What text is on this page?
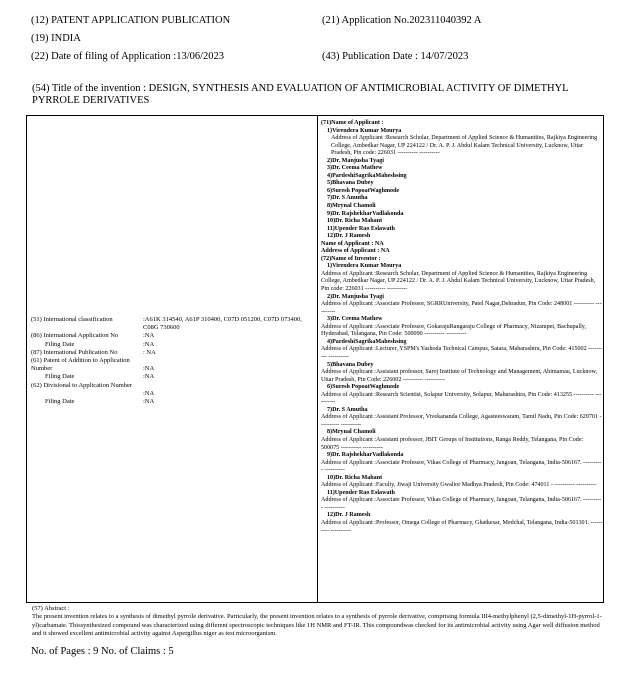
(12) PATENT APPLICATION PUBLICATION
(19) INDIA
(22) Date of filing of Application :13/06/2023
(21) Application No.202311040392 A
(43) Publication Date : 14/07/2023
(54) Title of the invention : DESIGN, SYNTHESIS AND EVALUATION OF ANTIMICROBIAL ACTIVITY OF DIMETHYL PYRROLE DERIVATIVES
(51) International classification	:A61K 314540, A61P 310400, C07D 051200, C07D 073400, C08G 730600
(86) International Application No	:NA
Filing Date	:NA
(87) International Publication No	: NA
(61) Patent of Addition to Application Number	:NA
Filing Date	:NA
(62) Divisional to Application Number
:NA
Filing Date	:NA
(71)Name of Applicant :
1)Virendera Kumar Mourya
Address of Applicant :Research Scholar, Department of Applied Science & Humanities, Rajkiya Engineering College, Ambedkar Nagar, UP 224122 / Dr. A. P. J. Abdul Kalam Technical University, Lucknow, Uttar Pradesh, Pin code: 226031 ---------- ----------
2)Dr. Manjusha Tyagi
3)Dr. Ceema Mathew
4)PardeshiSagrikaMaheshsing
5)Bhavana Dubey
6)Suresh PopoatWaghmode
7)Dr. S Amutha
8)Mrynal Chamoli
9)Dr. RajshekharVadlakonda
10)Dr. Richa Mahant
11)Upender Rao Eslawath
12)Dr. J Ramesh
Name of Applicant : NA
Address of Applicant : NA
(72)Name of Inventor :
1)Virendera Kumar Mourya
Address of Applicant :Research Scholar, Department of Applied Science & Humanities, Rajkiya Engineering College, Ambedkar Nagar, UP 224122 / Dr. A. P. J. Abdul Kalam Technical University, Lucknow, Uttar Pradesh, Pin code: 226031 ---------- ----------
2)Dr. Manjusha Tyagi
Address of Applicant :Associate Professor, SGRRUniversity, Patel Nagar,Dehradun, Pin Code: 248001 ---------- ----------
3)Dr. Ceema Mathew
Address of Applicant :Associate Professor, GokarajuRangaraju College of Pharmacy, Nizampet, Bachupally, Hyderabad, Telangana, Pin Code: 500090 ---------- ----------
4)PardeshiSagrikaMaheshsing
Address of Applicant :Lecturer, YSPM's Yashoda Technical Campus, Satara, Maharashtra, Pin Code: 415002 ---------- ----------
5)Bhavana Dubey
Address of Applicant :Assistant professor, Saroj Institute of Technology and Management, Ahimamau, Lucknow, Uttar Pradesh, Pin Code: 226002 ---------- ----------
6)Suresh PopoatWaghmode
Address of Applicant :Research Scientist, Solapur University, Solapur, Maharashtra, Pin Code: 413255 ---------- ----------
7)Dr. S Amutha
Address of Applicant :Assistant Professor, Vivekananda College, Agasteeswaram, Tamil Nadu, Pin Code: 629701 ---------- ----------
8)Mrynal Chamoli
Address of Applicant :Assistant professor, JBIT Groups of Institutions, Ranga Reddy, Telangana, Pin Code: 500075 ---------- ----------
9)Dr. RajshekharVadlakonda
Address of Applicant :Associate Professor, Vikas College of Pharmacy, Jangoan, Telangana, India-506167. ---------- ----------
10)Dr. Richa Mahant
Address of Applicant :Faculty, Jiwaji University Gwalior Madhya Pradesh, Pin Code: 474011 - ---------- ----------
11)Upender Rao Eslawath
Address of Applicant :Associate Professor, Vikas College of Pharmacy, Jangoan, Telangana, India-506167. ---------- ----------
12)Dr. J Ramesh
Address of Applicant :Professor, Omega College of Pharmacy, Ghatkesar, Medchal, Telangana, India-501301. ---------- ----------
(57) Abstract :
The present invention relates to a synthesis of dimethyl pyrrole derivative. Particularly, the present invention relates to a synthesis of pyrrole derivative, comprising formula III4-methylphenyl (2,5-dimethyl-1H-pyrrol-1-yl)carbamate. Thissynthesized compound was characterized using different spectroscopic techniques like 1H NMR and FT-IR. This compoundwas checked for its antimicrobial activity using Agar well diffusion method and it showed excellent antimicrobial activity against Aspergillus niger as test microorganism.
No. of Pages : 9 No. of Claims : 5
